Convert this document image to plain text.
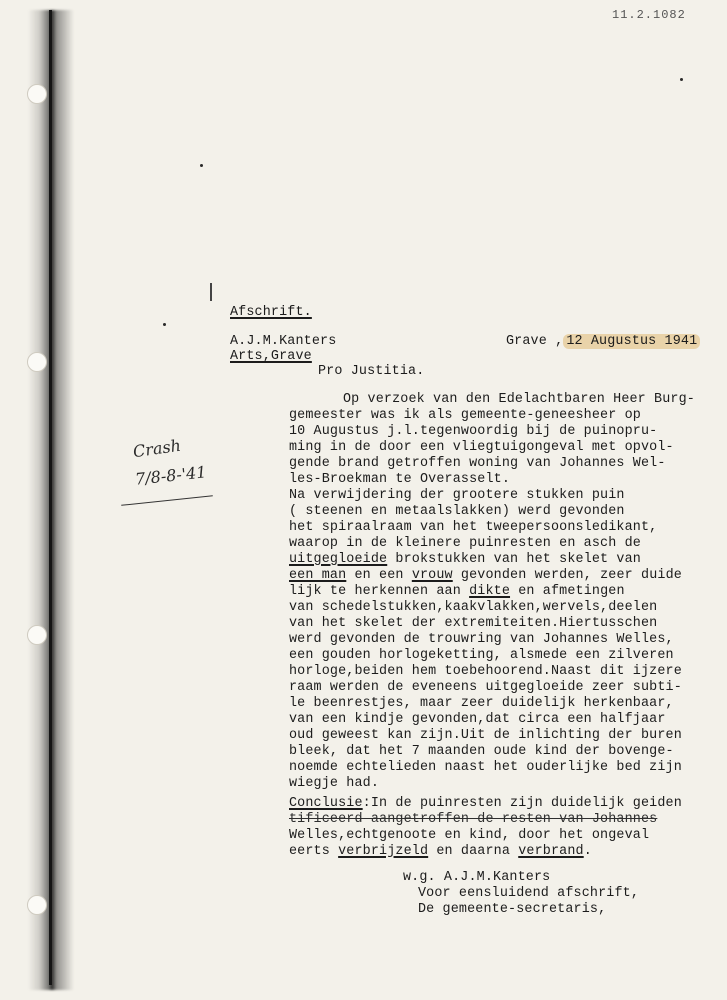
11.2.1082
Afschrift.
A.J.M.Kanters
Arts,Grave
Grave , 12 Augustus 1941
Pro Justitia.
Crash
7/8-8-'41
Op verzoek van den Edelachtbaren Heer Burg-
gemeester was ik als gemeente-geneesheer op
10 Augustus j.l.tegenwoordig bij de puinopru-
ming in de door een vliegtuigongeval met opvol-
gende brand getroffen woning van Johannes Wel-
les-Broekman te Overasselt.
Na verwijdering der grootere stukken puin
( steenen en metaalslakken) werd gevonden
het spiraalraam van het tweepersoonsledikant,
waarop in de kleinere puinresten en asch de
uitgegloeide brokstukken van het skelet van
een man en een vrouw gevonden werden, zeer duide
lijk te herkennen aan dikte en afmetingen
van schedelstukken,kaakvlakken,wervels,deelen
van het skelet der extremiteiten.Hiertusschen
werd gevonden de trouwring van Johannes Welles,
een gouden horlogeketting, alsmede een zilveren
horloge,beiden hem toebehoorend.Naast dit ijzere
raam werden de eveneens uitgegloeide zeer subti-
le beenrestjes, maar zeer duidelijk herkenbaar,
van een kindje gevonden,dat circa een halfjaar
oud geweest kan zijn.Uit de inlichting der buren
bleek, dat het 7 maanden oude kind der bovenge-
noemde echtelieden naast het ouderlijke bed zijn
wiegje had.
Conclusie:In de puinresten zijn duidelijk geiden
tificeerd aangetroffen de resten van Johannes
Welles,echtgenoote en kind, door het ongeval
eerts verbrijzeld en daarna verbrand.
w.g. A.J.M.Kanters
Voor eensluidend afschrift,
De gemeente-secretaris,
